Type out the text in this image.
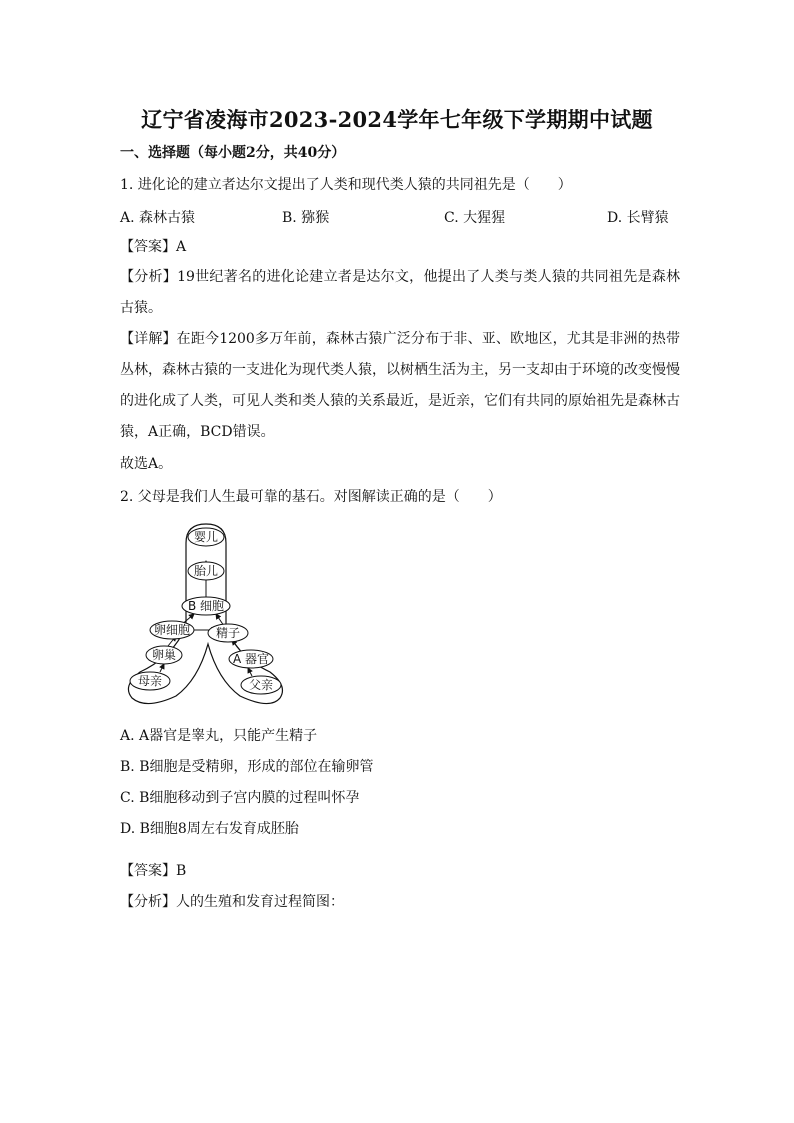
辽宁省凌海市2023-2024学年七年级下学期期中试题
一、选择题（每小题2分，共40分）
1. 进化论的建立者达尔文提出了人类和现代类人猿的共同祖先是（　　）
A. 森林古猿	B. 猕猴	C. 大猩猩	D. 长臂猿
【答案】A
【分析】19世纪著名的进化论建立者是达尔文，他提出了人类与类人猿的共同祖先是森林古猿。
【详解】在距今1200多万年前，森林古猿广泛分布于非、亚、欧地区，尤其是非洲的热带丛林，森林古猿的一支进化为现代类人猿，以树栖生活为主，另一支却由于环境的改变慢慢的进化成了人类，可见人类和类人猿的关系最近，是近亲，它们有共同的原始祖先是森林古猿，A正确，BCD错误。
故选A。
2. 父母是我们人生最可靠的基石。对图解读正确的是（　　）
婴儿
胎儿
B 细胞
卵细胞 精子
卵巢	A 器官
母亲	父亲
A. A器官是睾丸，只能产生精子
B. B细胞是受精卵，形成的部位在输卵管
C. B细胞移动到子宫内膜的过程叫怀孕
D. B细胞8周左右发育成胚胎
【答案】B
【分析】人的生殖和发育过程简图：
